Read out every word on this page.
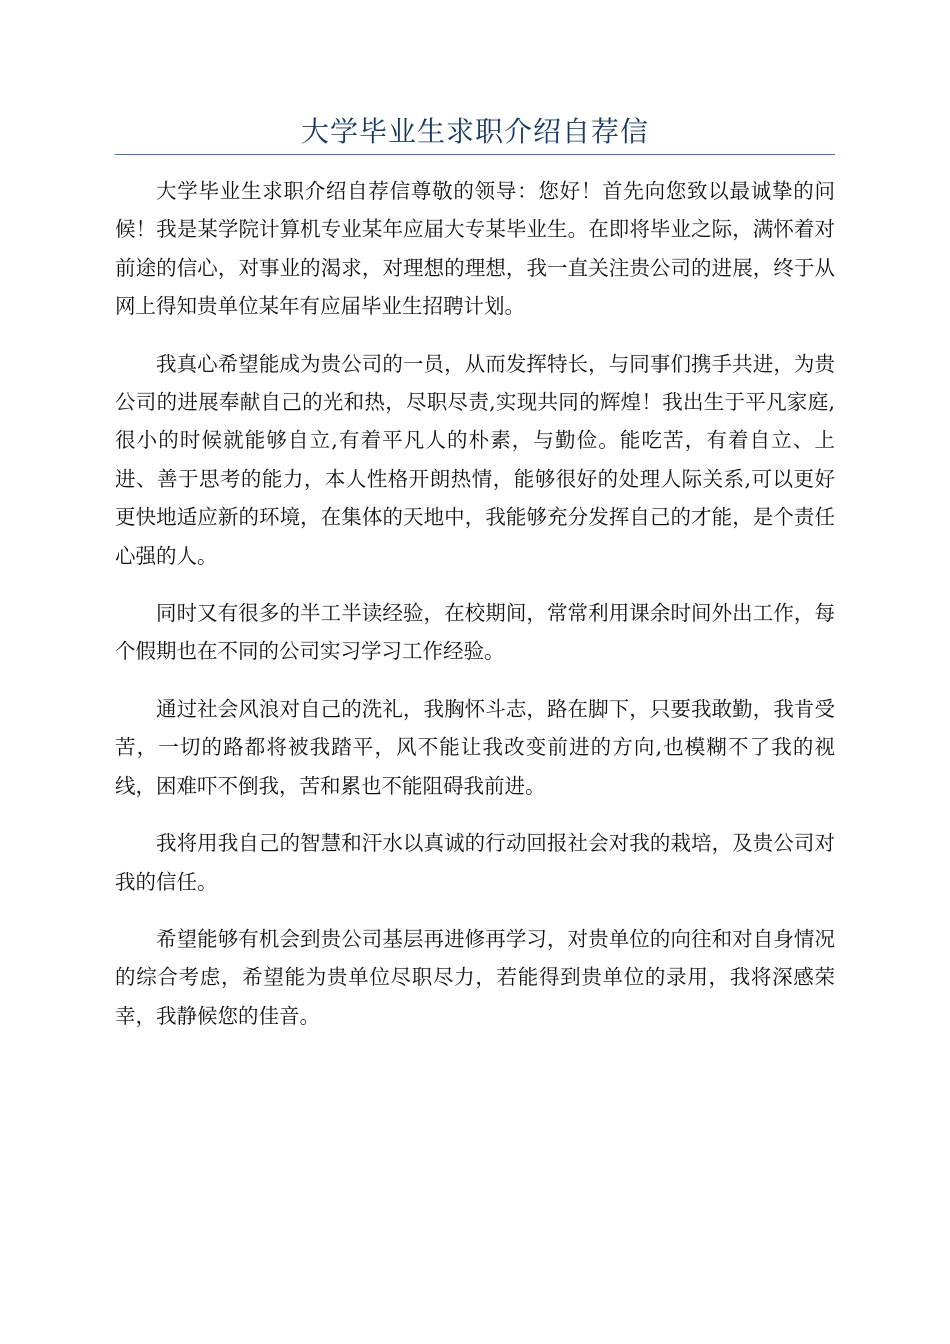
大学毕业生求职介绍自荐信

大学毕业生求职介绍自荐信尊敬的领导：您好！首先向您致以最诚挚的问候！我是某学院计算机专业某年应届大专某毕业生。在即将毕业之际，满怀着对前途的信心，对事业的渴求，对理想的理想，我一直关注贵公司的进展，终于从网上得知贵单位某年有应届毕业生招聘计划。

我真心希望能成为贵公司的一员，从而发挥特长，与同事们携手共进，为贵公司的进展奉献自己的光和热，尽职尽责,实现共同的辉煌！我出生于平凡家庭,很小的时候就能够自立,有着平凡人的朴素，与勤俭。能吃苦，有着自立、上进、善于思考的能力，本人性格开朗热情，能够很好的处理人际关系,可以更好更快地适应新的环境，在集体的天地中，我能够充分发挥自己的才能，是个责任心强的人。

同时又有很多的半工半读经验，在校期间，常常利用课余时间外出工作，每个假期也在不同的公司实习学习工作经验。

通过社会风浪对自己的洗礼，我胸怀斗志，路在脚下，只要我敢勤，我肯受苦，一切的路都将被我踏平，风不能让我改变前进的方向,也模糊不了我的视线，困难吓不倒我，苦和累也不能阻碍我前进。

我将用我自己的智慧和汗水以真诚的行动回报社会对我的栽培，及贵公司对我的信任。

希望能够有机会到贵公司基层再进修再学习，对贵单位的向往和对自身情况的综合考虑，希望能为贵单位尽职尽力，若能得到贵单位的录用，我将深感荣幸，我静候您的佳音。
